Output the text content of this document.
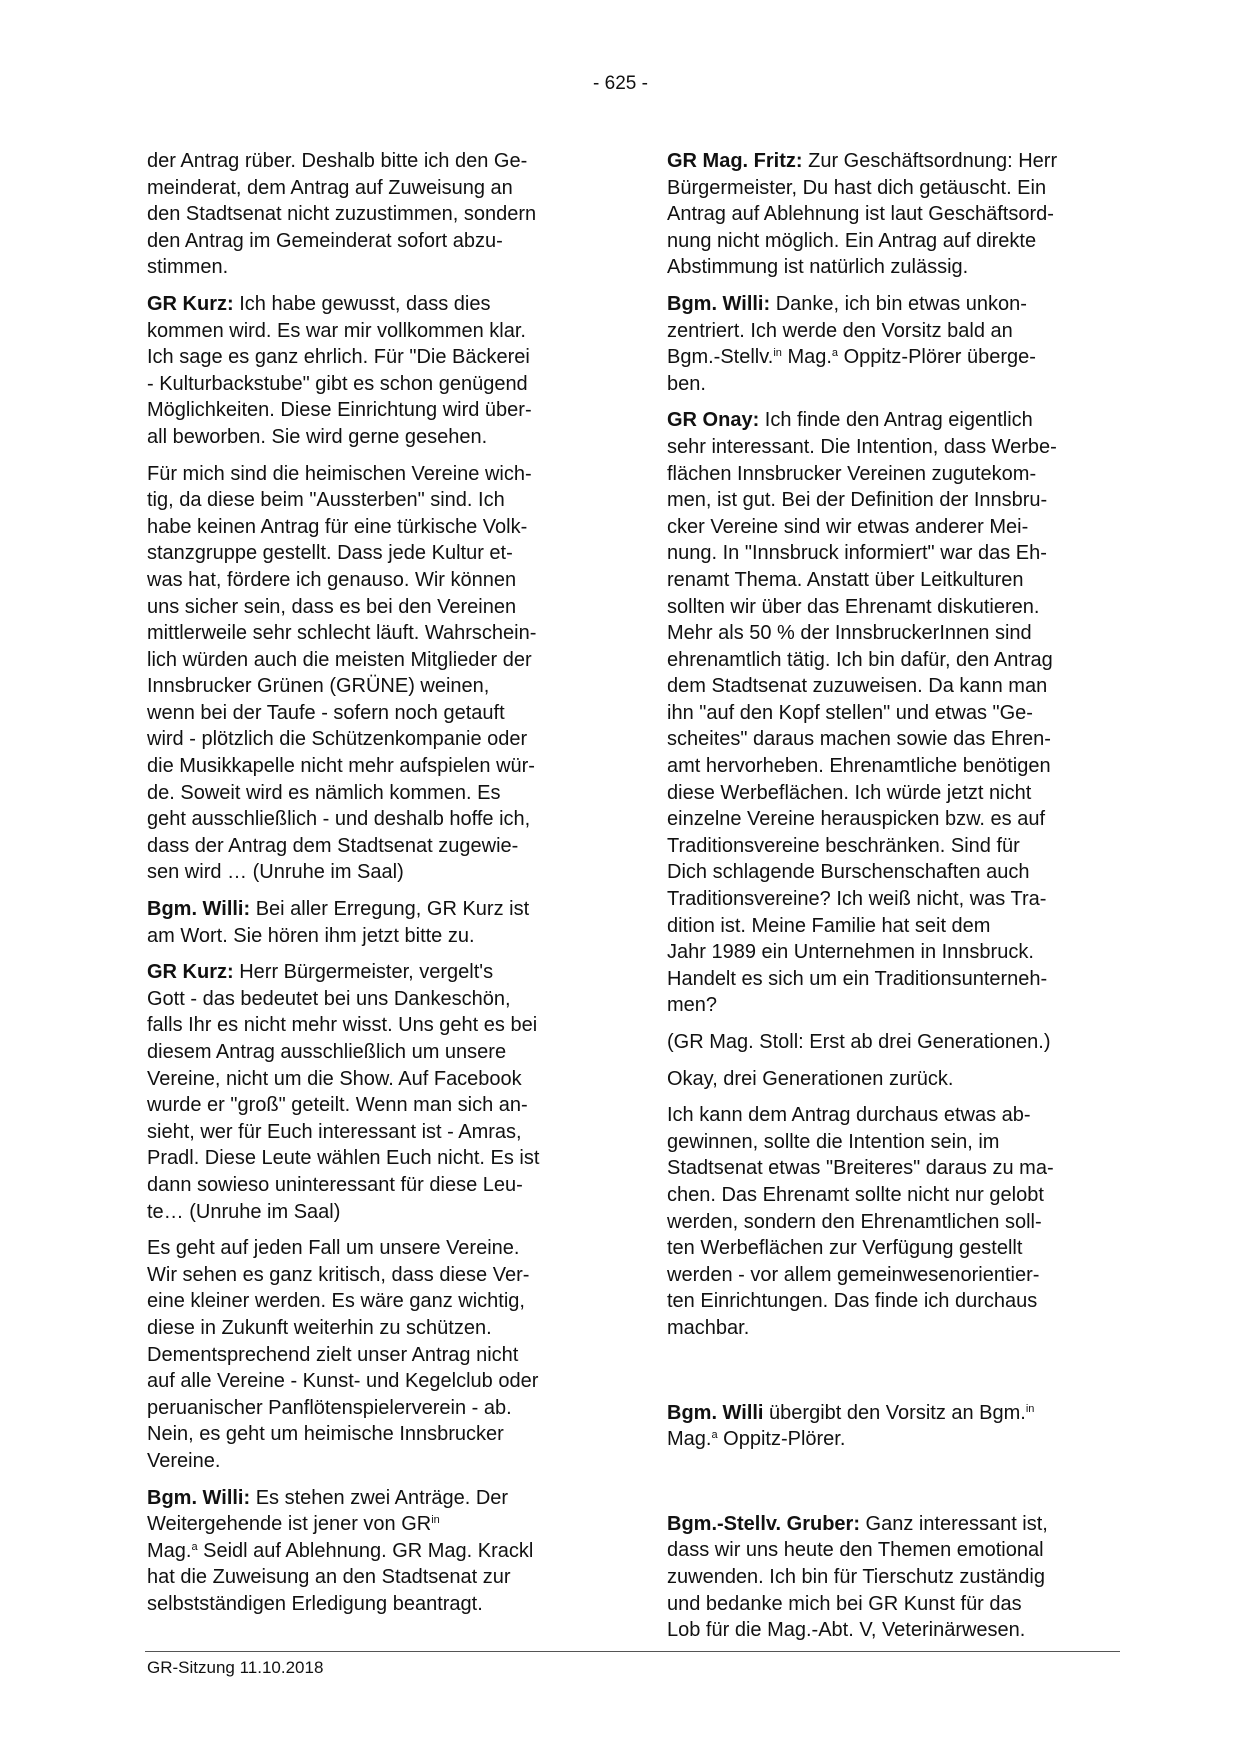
- 625 -

der Antrag rüber. Deshalb bitte ich den Ge-
meinderat, dem Antrag auf Zuweisung an
den Stadtsenat nicht zuzustimmen, sondern
den Antrag im Gemeinderat sofort abzu-
stimmen.

GR Kurz: Ich habe gewusst, dass dies
kommen wird. Es war mir vollkommen klar.
Ich sage es ganz ehrlich. Für "Die Bäckerei
- Kulturbackstube" gibt es schon genügend
Möglichkeiten. Diese Einrichtung wird über-
all beworben. Sie wird gerne gesehen.

Für mich sind die heimischen Vereine wich-
tig, da diese beim "Aussterben" sind. Ich
habe keinen Antrag für eine türkische Volk-
stanzgruppe gestellt. Dass jede Kultur et-
was hat, fördere ich genauso. Wir können
uns sicher sein, dass es bei den Vereinen
mittlerweile sehr schlecht läuft. Wahrschein-
lich würden auch die meisten Mitglieder der
Innsbrucker Grünen (GRÜNE) weinen,
wenn bei der Taufe - sofern noch getauft
wird - plötzlich die Schützenkompanie oder
die Musikkapelle nicht mehr aufspielen wür-
de. Soweit wird es nämlich kommen. Es
geht ausschließlich - und deshalb hoffe ich,
dass der Antrag dem Stadtsenat zugewie-
sen wird … (Unruhe im Saal)

Bgm. Willi: Bei aller Erregung, GR Kurz ist
am Wort. Sie hören ihm jetzt bitte zu.

GR Kurz: Herr Bürgermeister, vergelt's
Gott - das bedeutet bei uns Dankeschön,
falls Ihr es nicht mehr wisst. Uns geht es bei
diesem Antrag ausschließlich um unsere
Vereine, nicht um die Show. Auf Facebook
wurde er "groß" geteilt. Wenn man sich an-
sieht, wer für Euch interessant ist - Amras,
Pradl. Diese Leute wählen Euch nicht. Es ist
dann sowieso uninteressant für diese Leu-
te… (Unruhe im Saal)

Es geht auf jeden Fall um unsere Vereine.
Wir sehen es ganz kritisch, dass diese Ver-
eine kleiner werden. Es wäre ganz wichtig,
diese in Zukunft weiterhin zu schützen.
Dementsprechend zielt unser Antrag nicht
auf alle Vereine - Kunst- und Kegelclub oder
peruanischer Panflötenspielerverein - ab.
Nein, es geht um heimische Innsbrucker
Vereine.

Bgm. Willi: Es stehen zwei Anträge. Der
Weitergehende ist jener von $GR^{in}$
Mag.$^a$ Seidl auf Ablehnung. GR Mag. Krackl
hat die Zuweisung an den Stadtsenat zur
selbstständigen Erledigung beantragt.

GR Mag. Fritz: Zur Geschäftsordnung: Herr
Bürgermeister, Du hast dich getäuscht. Ein
Antrag auf Ablehnung ist laut Geschäftsord-
nung nicht möglich. Ein Antrag auf direkte
Abstimmung ist natürlich zulässig.

Bgm. Willi: Danke, ich bin etwas unkon-
zentriert. Ich werde den Vorsitz bald an
Bgm.-Stellv.$^{in}$ Mag.$^a$ Oppitz-Plörer überge-
ben.

GR Onay: Ich finde den Antrag eigentlich
sehr interessant. Die Intention, dass Werbe-
flächen Innsbrucker Vereinen zugutekom-
men, ist gut. Bei der Definition der Innsbru-
cker Vereine sind wir etwas anderer Mei-
nung. In "Innsbruck informiert" war das Eh-
renamt Thema. Anstatt über Leitkulturen
sollten wir über das Ehrenamt diskutieren.
Mehr als 50 % der InnsbruckerInnen sind
ehrenamtlich tätig. Ich bin dafür, den Antrag
dem Stadtsenat zuzuweisen. Da kann man
ihn "auf den Kopf stellen" und etwas "Ge-
scheites" daraus machen sowie das Ehren-
amt hervorheben. Ehrenamtliche benötigen
diese Werbeflächen. Ich würde jetzt nicht
einzelne Vereine herauspicken bzw. es auf
Traditionsvereine beschränken. Sind für
Dich schlagende Burschenschaften auch
Traditionsvereine? Ich weiß nicht, was Tra-
dition ist. Meine Familie hat seit dem
Jahr 1989 ein Unternehmen in Innsbruck.
Handelt es sich um ein Traditionsunterneh-
men?

(GR Mag. Stoll: Erst ab drei Generationen.)

Okay, drei Generationen zurück.

Ich kann dem Antrag durchaus etwas ab-
gewinnen, sollte die Intention sein, im
Stadtsenat etwas "Breiteres" daraus zu ma-
chen. Das Ehrenamt sollte nicht nur gelobt
werden, sondern den Ehrenamtlichen soll-
ten Werbeflächen zur Verfügung gestellt
werden - vor allem gemeinwesenorientier-
ten Einrichtungen. Das finde ich durchaus
machbar.

Bgm. Willi übergibt den Vorsitz an Bgm.$^{in}$
Mag.$^a$ Oppitz-Plörer.

Bgm.-Stellv. Gruber: Ganz interessant ist,
dass wir uns heute den Themen emotional
zuwenden. Ich bin für Tierschutz zuständig
und bedanke mich bei GR Kunst für das
Lob für die Mag.-Abt. V, Veterinärwesen.

GR-Sitzung 11.10.2018
